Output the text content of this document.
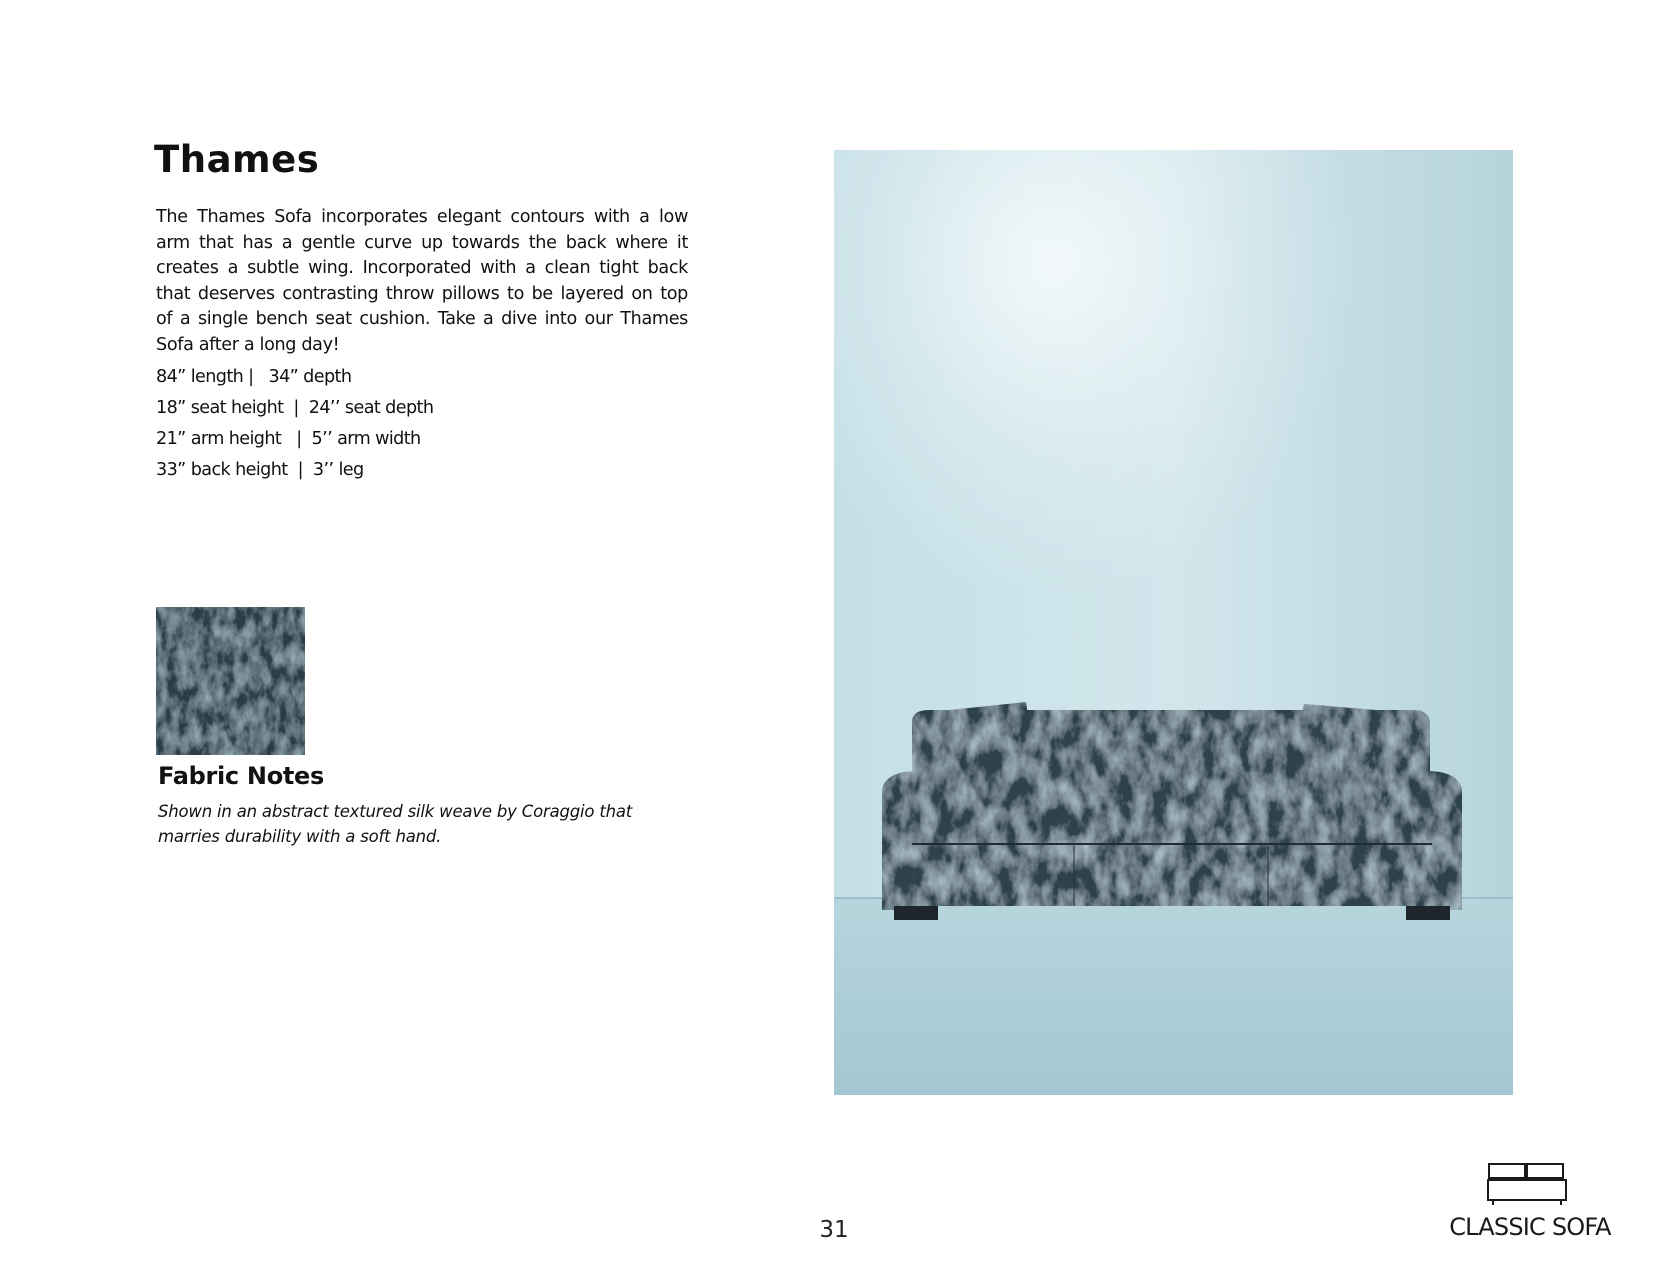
Thames

The Thames Sofa incorporates elegant contours with a low arm that has a gentle curve up towards the back where it creates a subtle wing. Incorporated with a clean tight back that deserves contrasting throw pillows to be layered on top of a single bench seat cushion. Take a dive into our Thames Sofa after a long day!

84” length |   34” depth
18” seat height  |  24’’ seat depth
21” arm height   |  5’’ arm width
33” back height  |  3’’ leg
Fabric Notes

Shown in an abstract textured silk weave by Coraggio that marries durability with a soft hand.

31	CLASSIC SOFA
